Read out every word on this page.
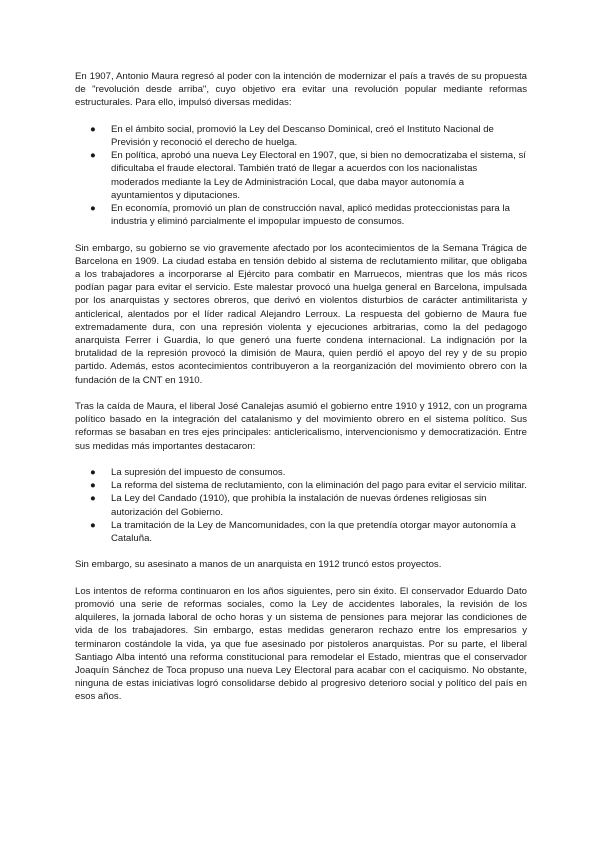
En 1907, Antonio Maura regresó al poder con la intención de modernizar el país a través de su propuesta de "revolución desde arriba", cuyo objetivo era evitar una revolución popular mediante reformas estructurales. Para ello, impulsó diversas medidas:

● En el ámbito social, promovió la Ley del Descanso Dominical, creó el Instituto Nacional de Previsión y reconoció el derecho de huelga.
● En política, aprobó una nueva Ley Electoral en 1907, que, si bien no democratizaba el sistema, sí dificultaba el fraude electoral. También trató de llegar a acuerdos con los nacionalistas moderados mediante la Ley de Administración Local, que daba mayor autonomía a ayuntamientos y diputaciones.
● En economía, promovió un plan de construcción naval, aplicó medidas proteccionistas para la industria y eliminó parcialmente el impopular impuesto de consumos.

Sin embargo, su gobierno se vio gravemente afectado por los acontecimientos de la Semana Trágica de Barcelona en 1909. La ciudad estaba en tensión debido al sistema de reclutamiento militar, que obligaba a los trabajadores a incorporarse al Ejército para combatir en Marruecos, mientras que los más ricos podían pagar para evitar el servicio. Este malestar provocó una huelga general en Barcelona, impulsada por los anarquistas y sectores obreros, que derivó en violentos disturbios de carácter antimilitarista y anticlerical, alentados por el líder radical Alejandro Lerroux. La respuesta del gobierno de Maura fue extremadamente dura, con una represión violenta y ejecuciones arbitrarias, como la del pedagogo anarquista Ferrer i Guardia, lo que generó una fuerte condena internacional. La indignación por la brutalidad de la represión provocó la dimisión de Maura, quien perdió el apoyo del rey y de su propio partido. Además, estos acontecimientos contribuyeron a la reorganización del movimiento obrero con la fundación de la CNT en 1910.

Tras la caída de Maura, el liberal José Canalejas asumió el gobierno entre 1910 y 1912, con un programa político basado en la integración del catalanismo y del movimiento obrero en el sistema político. Sus reformas se basaban en tres ejes principales: anticlericalismo, intervencionismo y democratización. Entre sus medidas más importantes destacaron:

● La supresión del impuesto de consumos.
● La reforma del sistema de reclutamiento, con la eliminación del pago para evitar el servicio militar.
● La Ley del Candado (1910), que prohibía la instalación de nuevas órdenes religiosas sin autorización del Gobierno.
● La tramitación de la Ley de Mancomunidades, con la que pretendía otorgar mayor autonomía a Cataluña.

Sin embargo, su asesinato a manos de un anarquista en 1912 truncó estos proyectos.

Los intentos de reforma continuaron en los años siguientes, pero sin éxito. El conservador Eduardo Dato promovió una serie de reformas sociales, como la Ley de accidentes laborales, la revisión de los alquileres, la jornada laboral de ocho horas y un sistema de pensiones para mejorar las condiciones de vida de los trabajadores. Sin embargo, estas medidas generaron rechazo entre los empresarios y terminaron costándole la vida, ya que fue asesinado por pistoleros anarquistas. Por su parte, el liberal Santiago Alba intentó una reforma constitucional para remodelar el Estado, mientras que el conservador Joaquín Sánchez de Toca propuso una nueva Ley Electoral para acabar con el caciquismo. No obstante, ninguna de estas iniciativas logró consolidarse debido al progresivo deterioro social y político del país en esos años.
